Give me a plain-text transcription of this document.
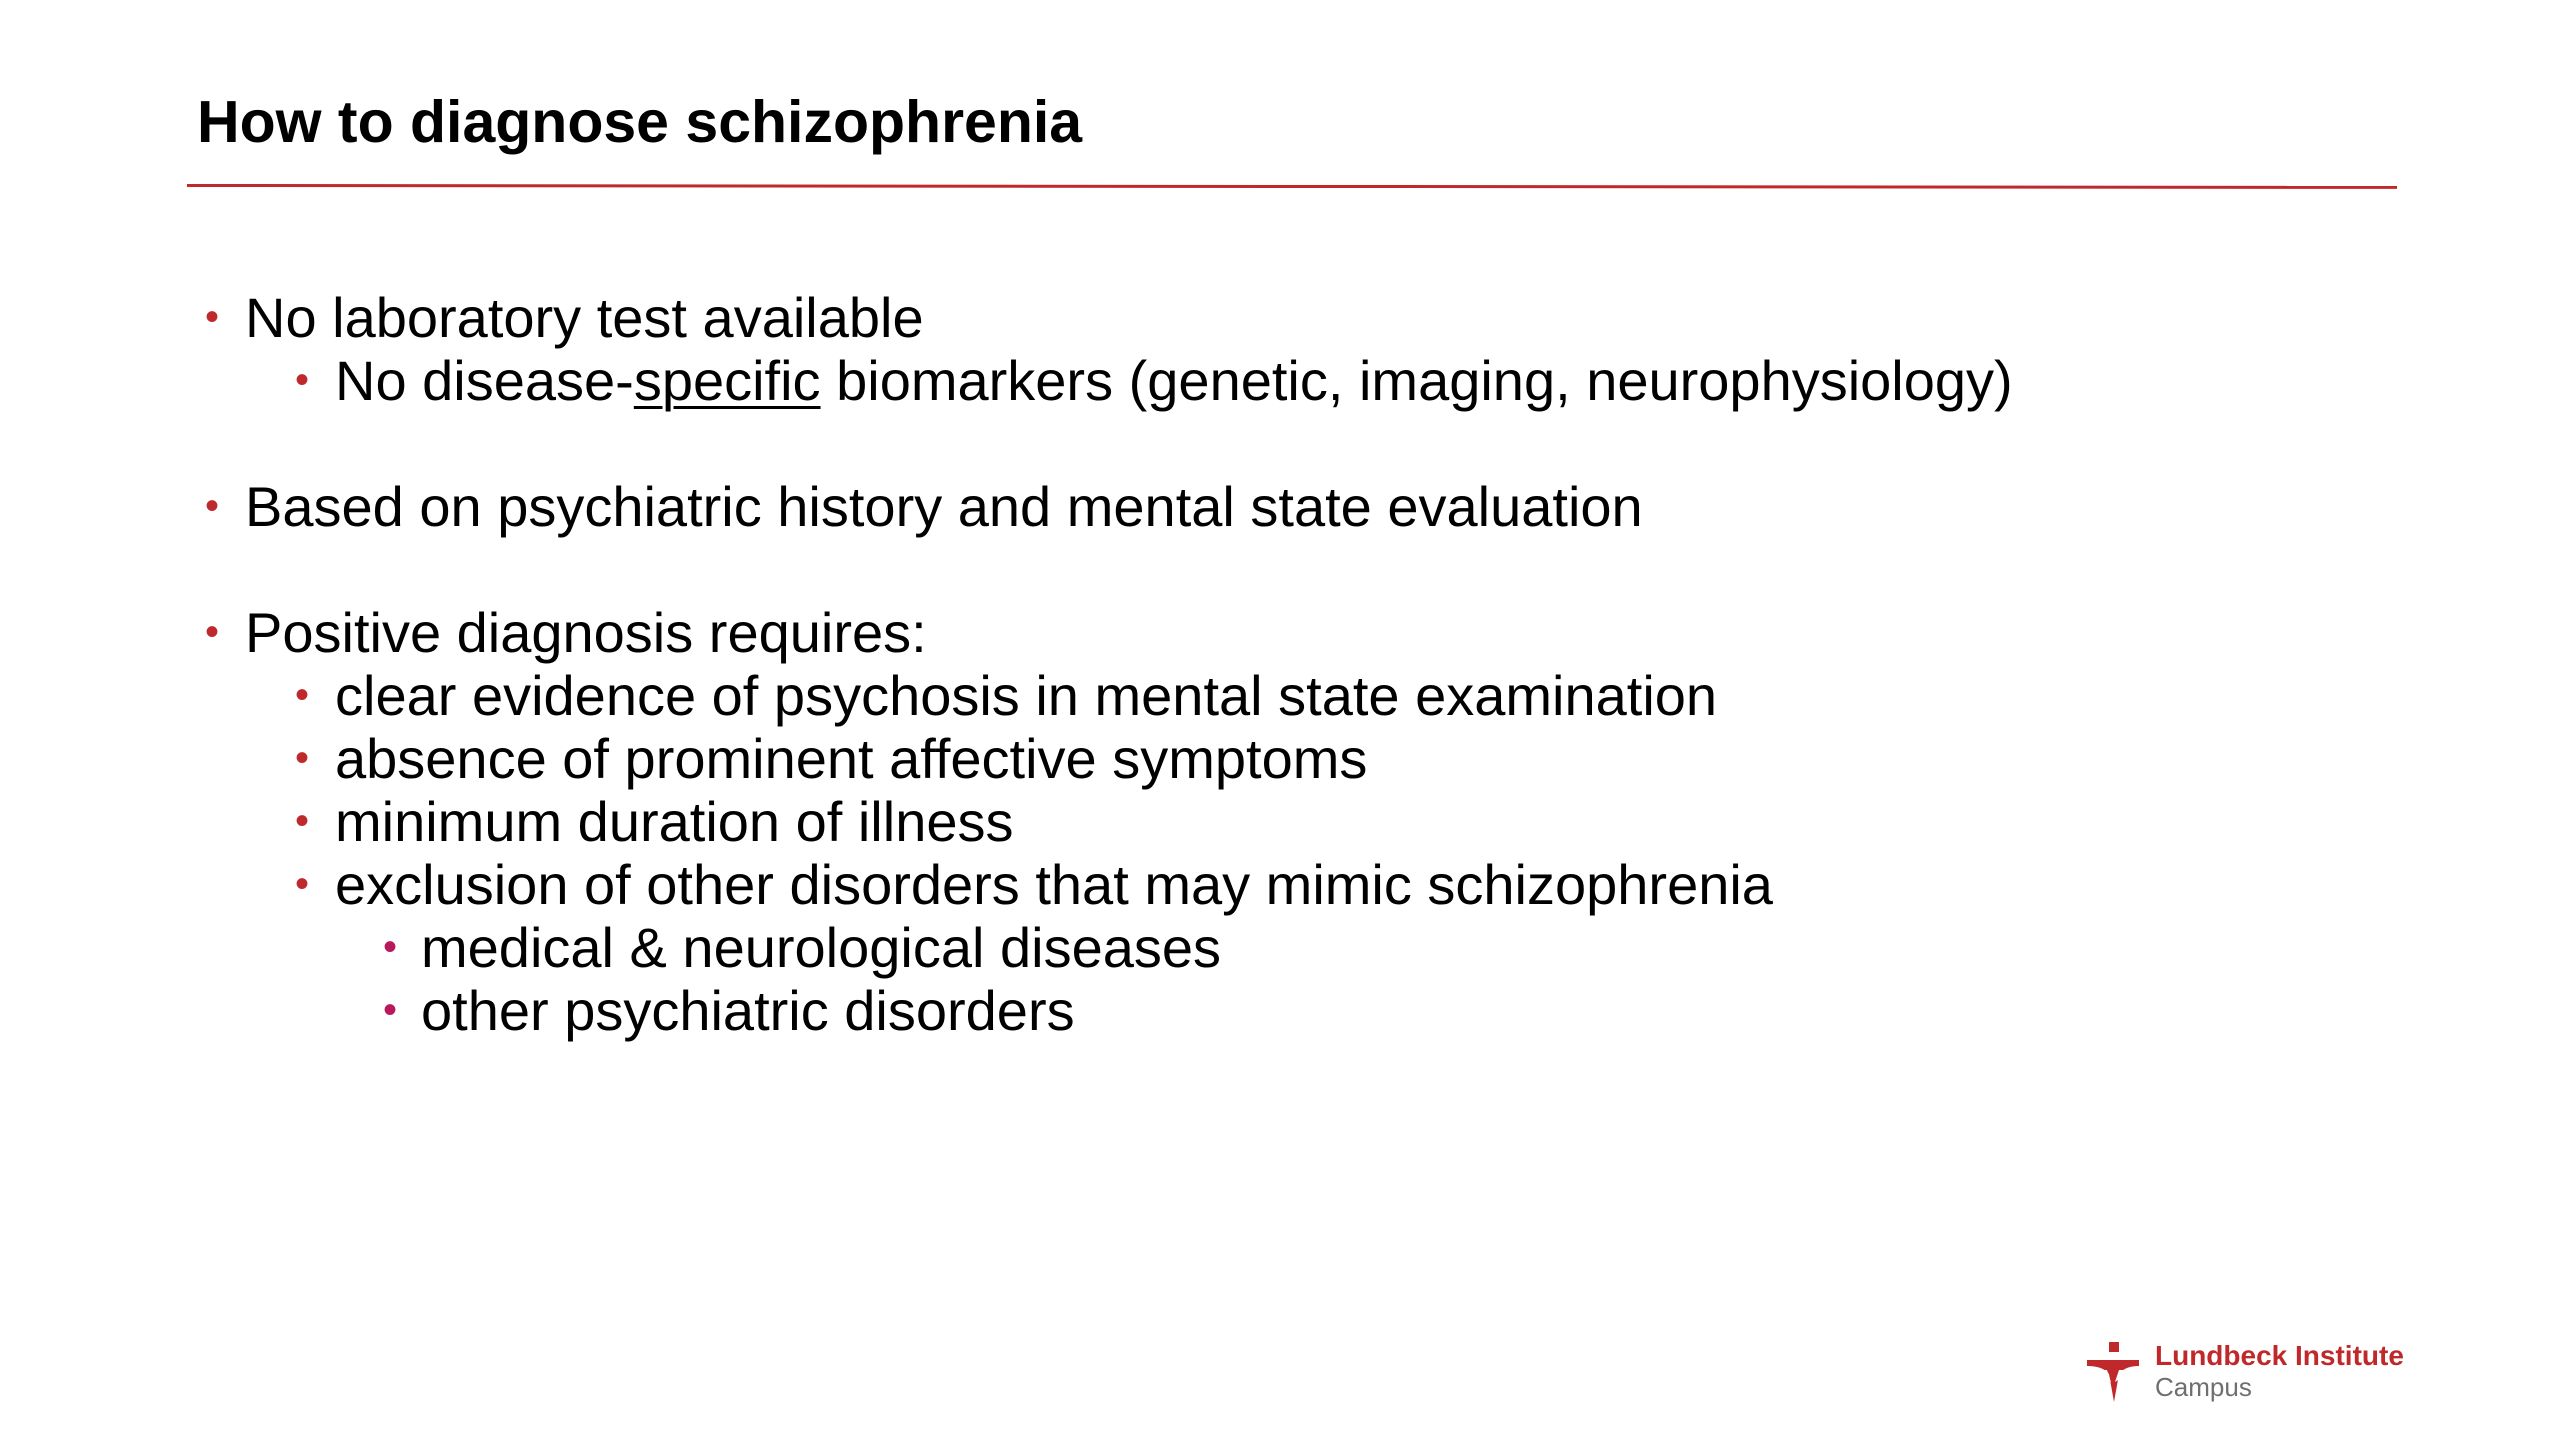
How to diagnose schizophrenia
• No laboratory test available
• No disease-specific biomarkers (genetic, imaging, neurophysiology)
• Based on psychiatric history and mental state evaluation
• Positive diagnosis requires:
• clear evidence of psychosis in mental state examination
• absence of prominent affective symptoms
• minimum duration of illness
• exclusion of other disorders that may mimic schizophrenia
• medical & neurological diseases
• other psychiatric disorders
Lundbeck Institute
Campus
